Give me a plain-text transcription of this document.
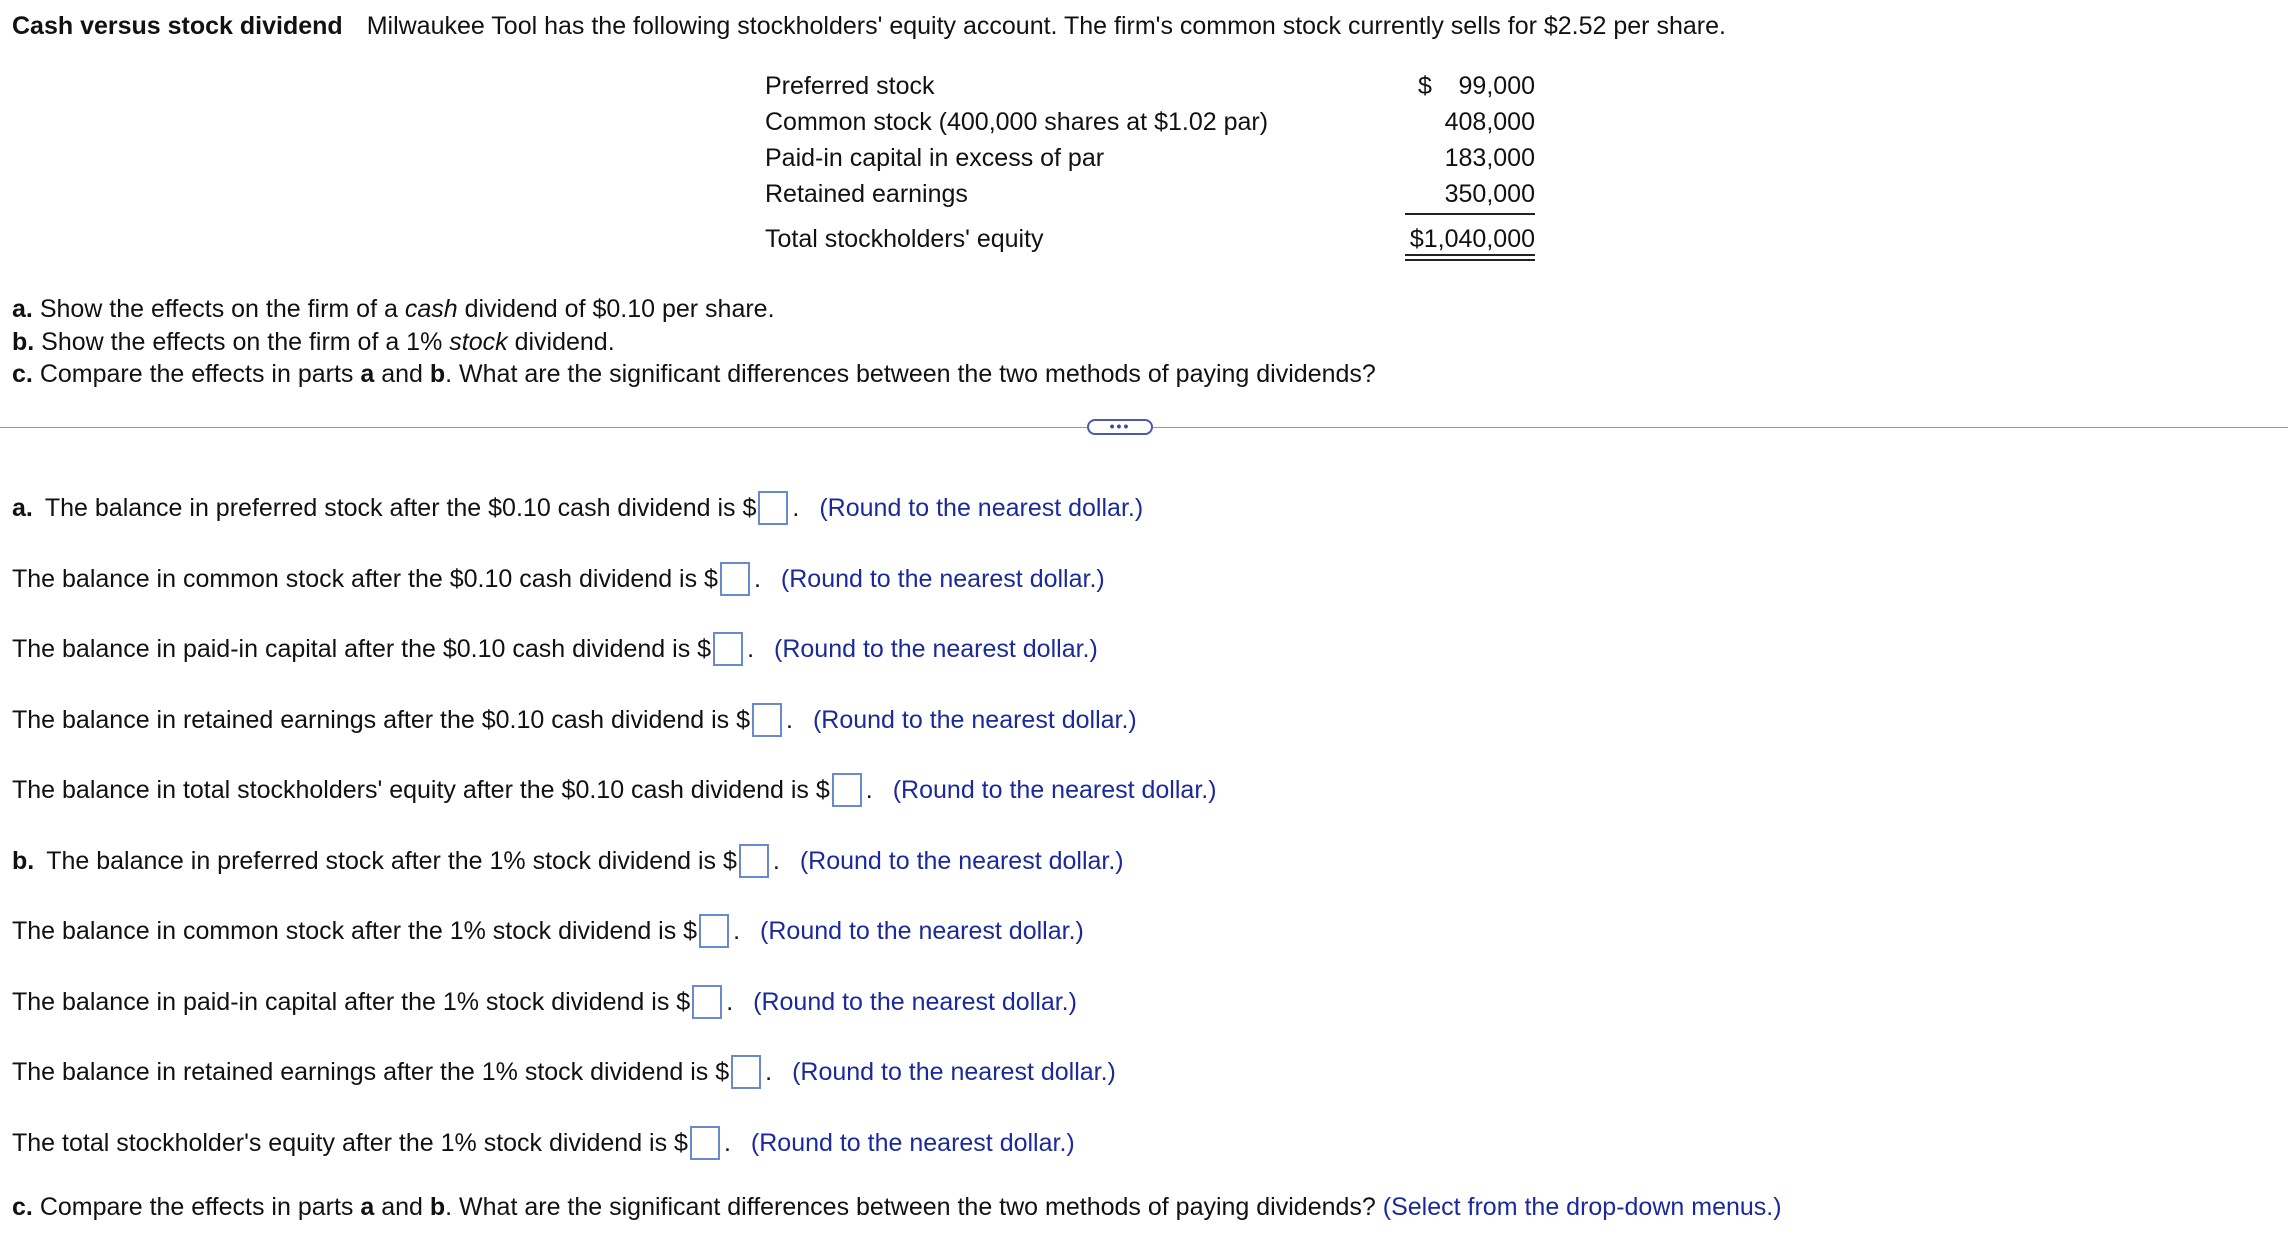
Cash versus stock dividend Milwaukee Tool has the following stockholders' equity account. The firm's common stock currently sells for $2.52 per share.
Preferred stock
Common stock (400,000 shares at $1.02 par)
Paid-in capital in excess of par
Retained earnings
Total stockholders' equity
$ 99,000
408,000
183,000
350,000
$1,040,000
a. Show the effects on the firm of a cash dividend of $0.10 per share.
b. Show the effects on the firm of a 1% stock dividend.
c. Compare the effects in parts a and b. What are the significant differences between the two methods of paying dividends?
•••
a. The balance in preferred stock after the $0.10 cash dividend is $ . (Round to the nearest dollar.)
The balance in common stock after the $0.10 cash dividend is $ . (Round to the nearest dollar.)
The balance in paid-in capital after the $0.10 cash dividend is $ . (Round to the nearest dollar.)
The balance in retained earnings after the $0.10 cash dividend is $ . (Round to the nearest dollar.)
The balance in total stockholders' equity after the $0.10 cash dividend is $ . (Round to the nearest dollar.)
b. The balance in preferred stock after the 1% stock dividend is $ . (Round to the nearest dollar.)
The balance in common stock after the 1% stock dividend is $ . (Round to the nearest dollar.)
The balance in paid-in capital after the 1% stock dividend is $ . (Round to the nearest dollar.)
The balance in retained earnings after the 1% stock dividend is $ . (Round to the nearest dollar.)
The total stockholder's equity after the 1% stock dividend is $ . (Round to the nearest dollar.)
c. Compare the effects in parts a and b. What are the significant differences between the two methods of paying dividends? (Select from the drop-down menus.)
